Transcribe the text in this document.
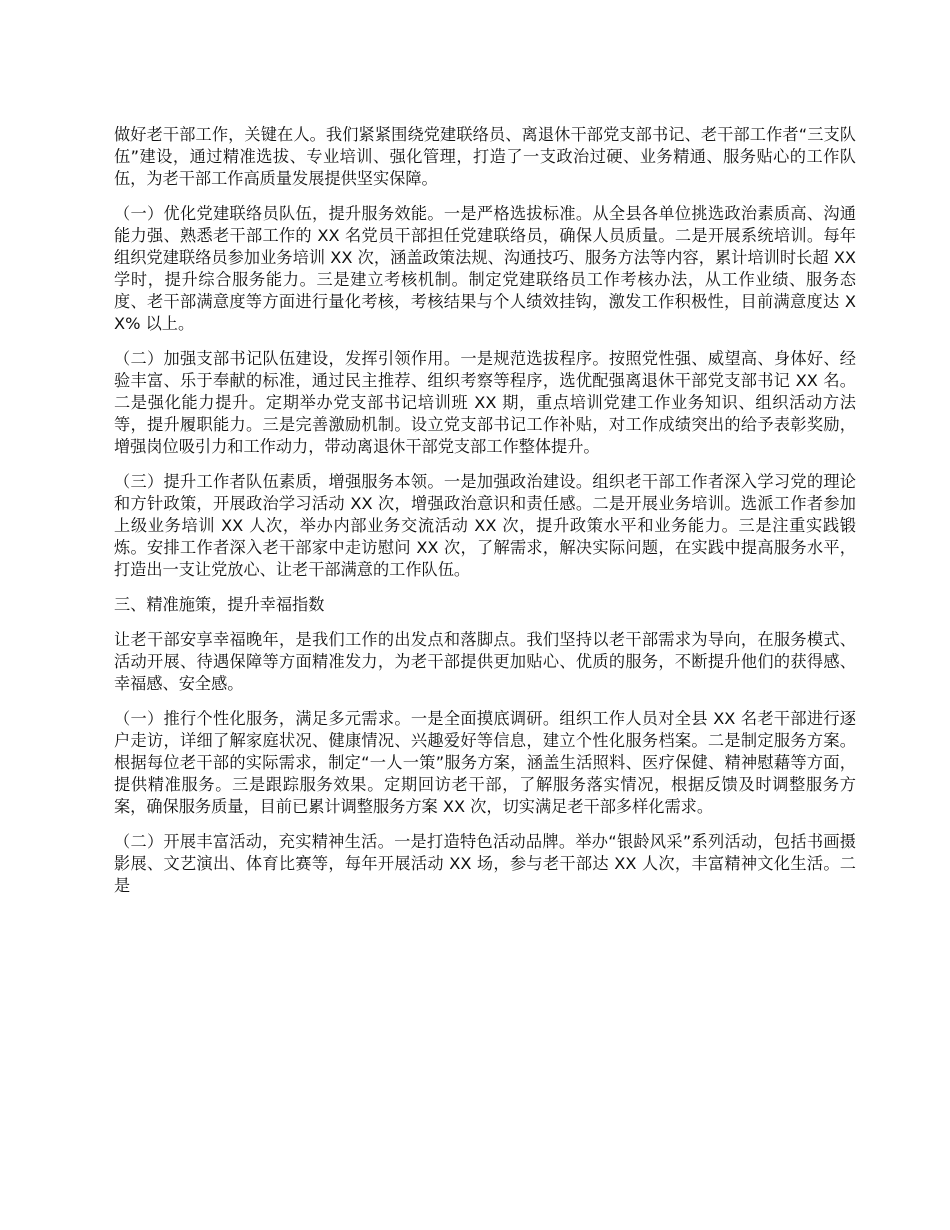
做好老干部工作，关键在人。我们紧紧围绕党建联络员、离退休干部党支部书记、老干部工作者“三支队伍”建设，通过精准选拔、专业培训、强化管理，打造了一支政治过硬、业务精通、服务贴心的工作队伍，为老干部工作高质量发展提供坚实保障。

（一）优化党建联络员队伍，提升服务效能。一是严格选拔标准。从全县各单位挑选政治素质高、沟通能力强、熟悉老干部工作的 XX 名党员干部担任党建联络员，确保人员质量。二是开展系统培训。每年组织党建联络员参加业务培训 XX 次，涵盖政策法规、沟通技巧、服务方法等内容，累计培训时长超 XX 学时，提升综合服务能力。三是建立考核机制。制定党建联络员工作考核办法，从工作业绩、服务态度、老干部满意度等方面进行量化考核，考核结果与个人绩效挂钩，激发工作积极性，目前满意度达 XX% 以上。

（二）加强支部书记队伍建设，发挥引领作用。一是规范选拔程序。按照党性强、威望高、身体好、经验丰富、乐于奉献的标准，通过民主推荐、组织考察等程序，选优配强离退休干部党支部书记 XX 名。二是强化能力提升。定期举办党支部书记培训班 XX 期，重点培训党建工作业务知识、组织活动方法等，提升履职能力。三是完善激励机制。设立党支部书记工作补贴，对工作成绩突出的给予表彰奖励，增强岗位吸引力和工作动力，带动离退休干部党支部工作整体提升。

（三）提升工作者队伍素质，增强服务本领。一是加强政治建设。组织老干部工作者深入学习党的理论和方针政策，开展政治学习活动 XX 次，增强政治意识和责任感。二是开展业务培训。选派工作者参加上级业务培训 XX 人次，举办内部业务交流活动 XX 次，提升政策水平和业务能力。三是注重实践锻炼。安排工作者深入老干部家中走访慰问 XX 次，了解需求，解决实际问题，在实践中提高服务水平，打造出一支让党放心、让老干部满意的工作队伍。

三、精准施策，提升幸福指数

让老干部安享幸福晚年，是我们工作的出发点和落脚点。我们坚持以老干部需求为导向，在服务模式、活动开展、待遇保障等方面精准发力，为老干部提供更加贴心、优质的服务，不断提升他们的获得感、幸福感、安全感。

（一）推行个性化服务，满足多元需求。一是全面摸底调研。组织工作人员对全县 XX 名老干部进行逐户走访，详细了解家庭状况、健康情况、兴趣爱好等信息，建立个性化服务档案。二是制定服务方案。根据每位老干部的实际需求，制定“一人一策”服务方案，涵盖生活照料、医疗保健、精神慰藉等方面，提供精准服务。三是跟踪服务效果。定期回访老干部，了解服务落实情况，根据反馈及时调整服务方案，确保服务质量，目前已累计调整服务方案 XX 次，切实满足老干部多样化需求。

（二）开展丰富活动，充实精神生活。一是打造特色活动品牌。举办“银龄风采”系列活动，包括书画摄影展、文艺演出、体育比赛等，每年开展活动 XX 场，参与老干部达 XX 人次，丰富精神文化生活。二是
